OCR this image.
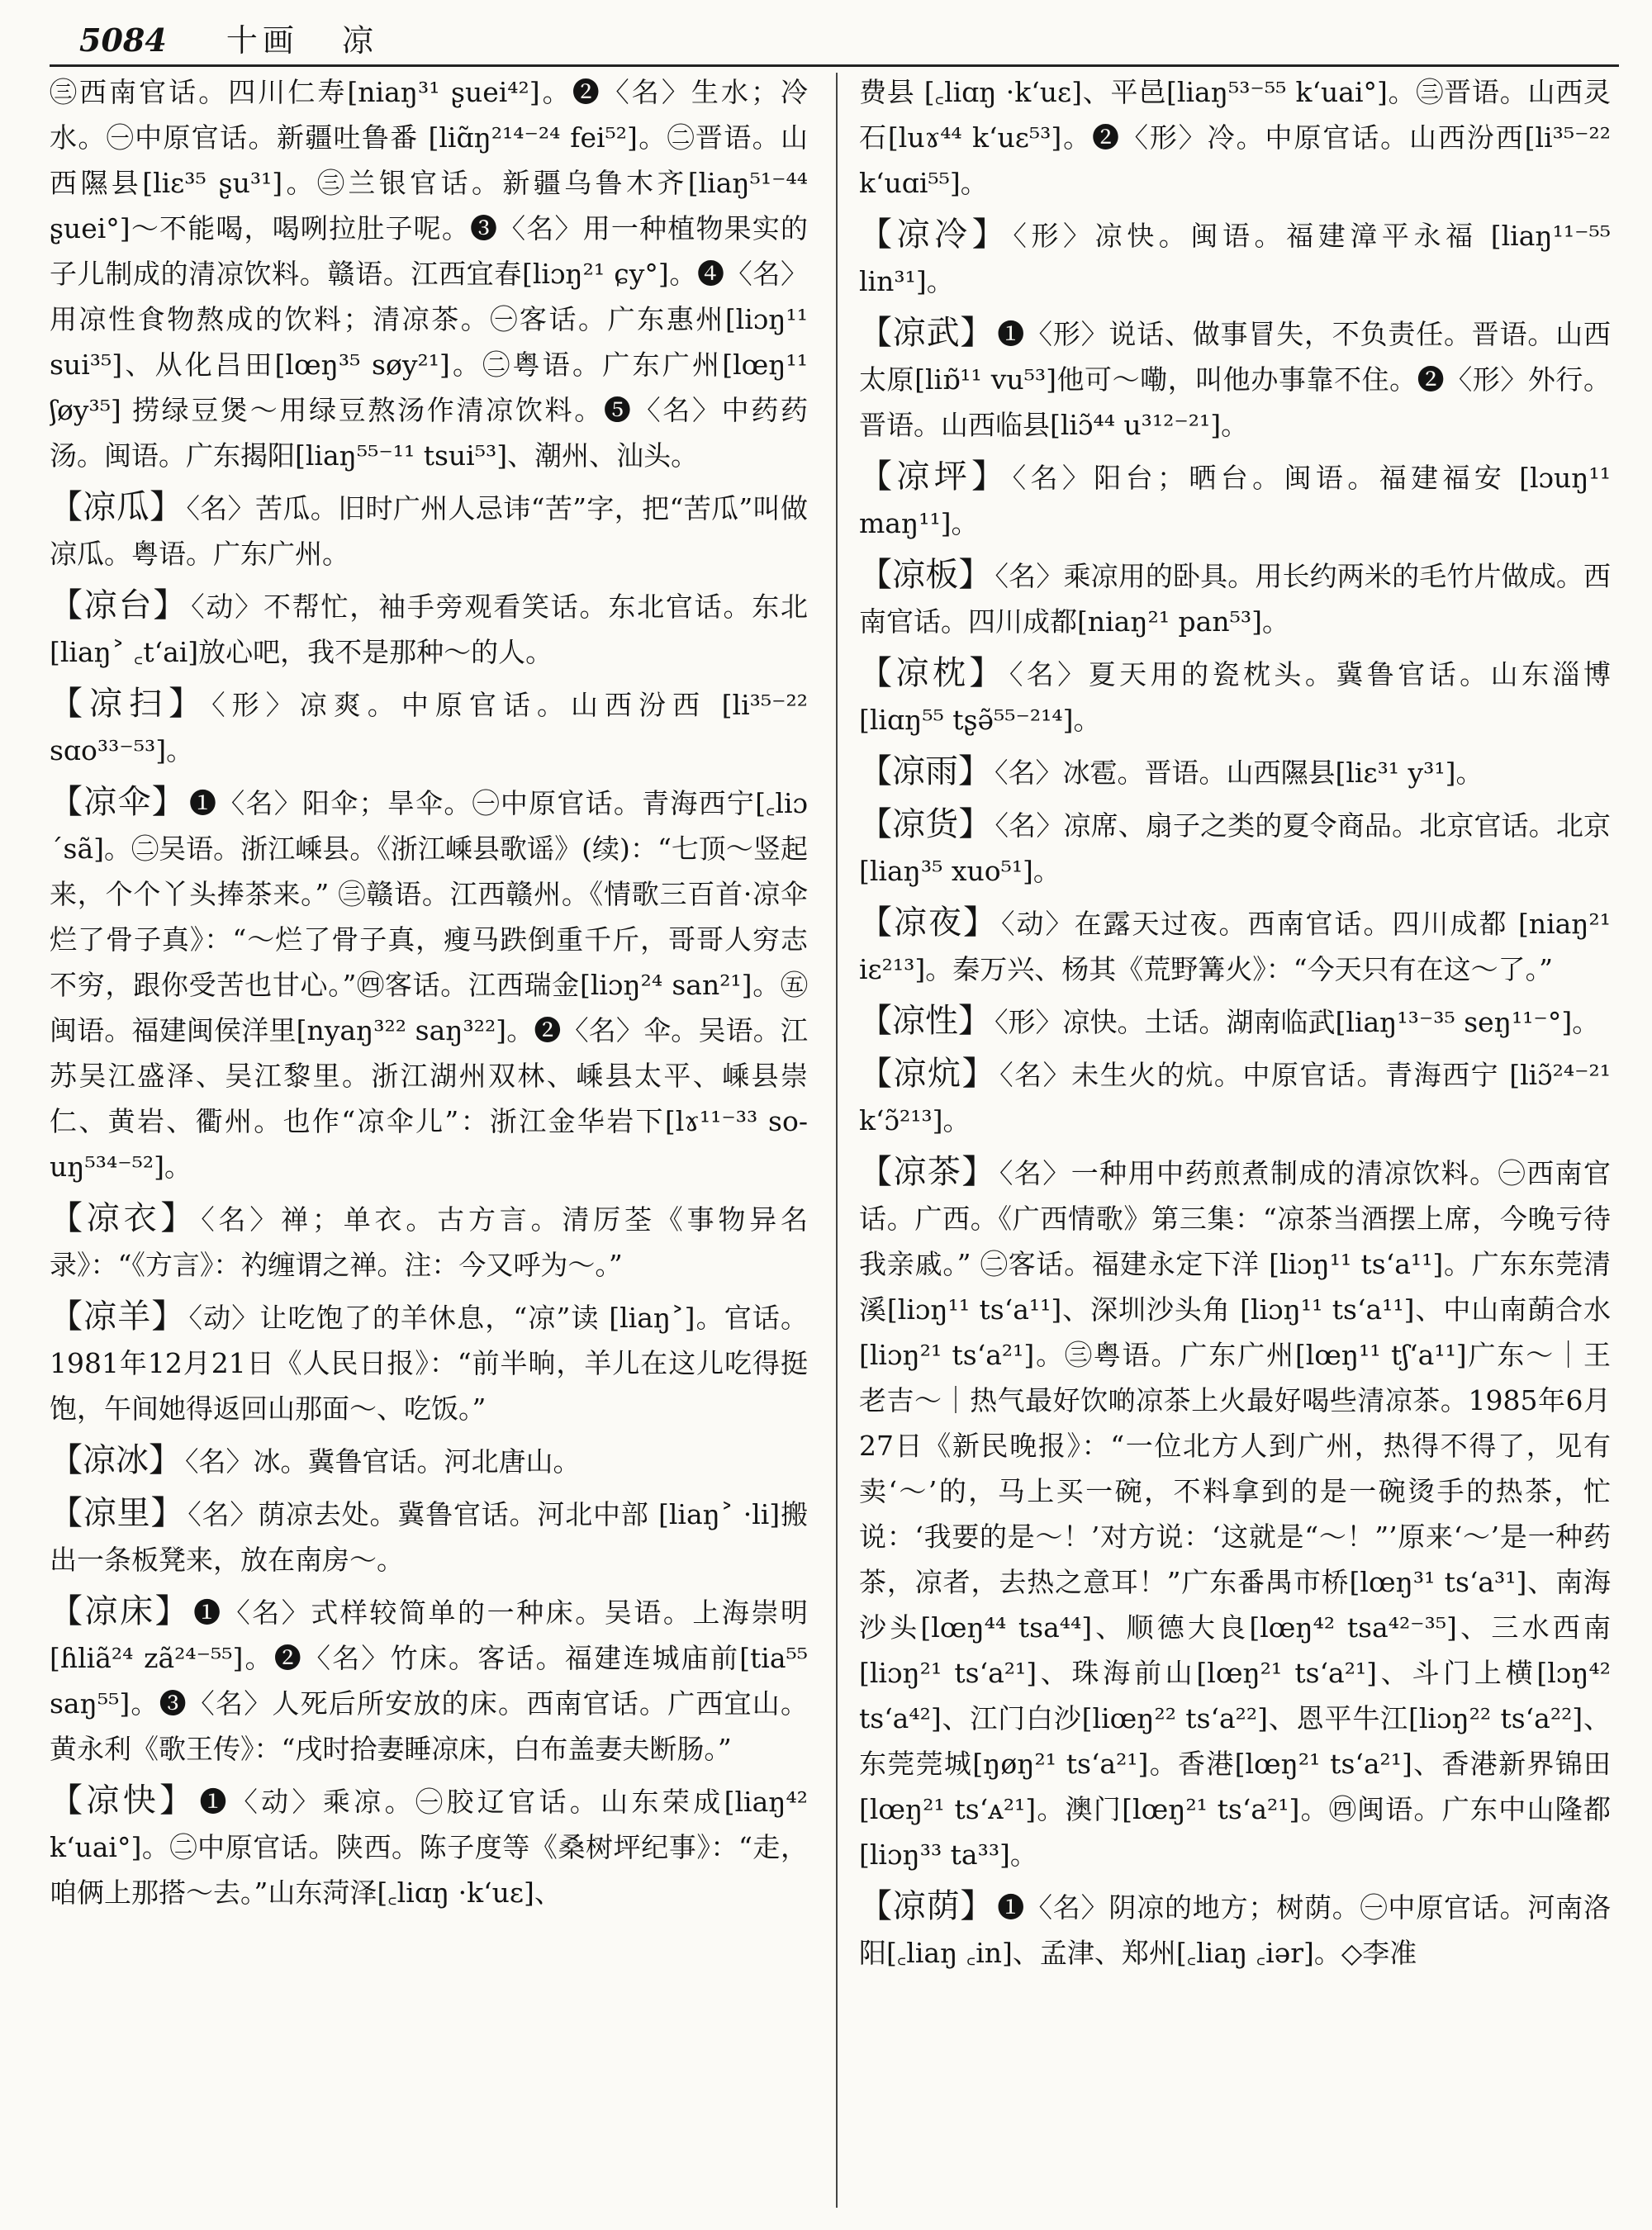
5084 十画 凉

㊂西南官话。四川仁寿[niaŋ³¹ ʂuei⁴²]。❷〈名〉生水；冷水。㊀中原官话。新疆吐鲁番 [liɑ̃ŋ²¹⁴⁻²⁴ fei⁵²]。㊁晋语。山西隰县[liɛ³⁵ ʂu³¹]。㊂兰银官话。新疆乌鲁木齐[liaŋ⁵¹⁻⁴⁴ ʂuei°]～不能喝，喝咧拉肚子呢。❸〈名〉用一种植物果实的子儿制成的清凉饮料。赣语。江西宜春[liɔŋ²¹ ɕy°]。❹〈名〉用凉性食物熬成的饮料；清凉茶。㊀客话。广东惠州[liɔŋ¹¹ sui³⁵]、从化吕田[lœŋ³⁵ søy²¹]。㊁粤语。广东广州[lœŋ¹¹ ʃøy³⁵] 捞绿豆煲～用绿豆熬汤作清凉饮料。❺〈名〉中药药汤。闽语。广东揭阳[liaŋ⁵⁵⁻¹¹ tsui⁵³]、潮州、汕头。

【凉瓜】 〈名〉苦瓜。旧时广州人忌讳“苦”字，把“苦瓜”叫做凉瓜。粤语。广东广州。

【凉台】 〈动〉不帮忙，袖手旁观看笑话。东北官话。东北 [liaŋ˃ ꜀tʻai]放心吧，我不是那种～的人。

【凉扫】 〈形〉凉爽。中原官话。山西汾西 [li³⁵⁻²² sɑo³³⁻⁵³]。

【凉伞】 ❶〈名〉阳伞；旱伞。㊀中原官话。青海西宁[꜀liɔ ˊsã]。㊁吴语。浙江嵊县。《浙江嵊县歌谣》(续)：“七顶～竖起来，个个丫头捧茶来。” ㊂赣语。江西赣州。《情歌三百首·凉伞烂了骨子真》：“～烂了骨子真，瘦马跌倒重千斤，哥哥人穷志不穷，跟你受苦也甘心。”㊃客话。江西瑞金[liɔŋ²⁴ san²¹]。㊄闽语。福建闽侯洋里[nyaŋ³²² saŋ³²²]。❷〈名〉伞。吴语。江苏吴江盛泽、吴江黎里。浙江湖州双林、嵊县太平、嵊县崇仁、黄岩、衢州。也作“凉伞儿”：浙江金华岩下[lɤ¹¹⁻³³ so-uŋ⁵³⁴⁻⁵²]。

【凉衣】 〈名〉禅；单衣。古方言。清厉荃《事物异名录》：“《方言》：礿缠谓之禅。注：今又呼为～。”

【凉羊】 〈动〉让吃饱了的羊休息，“凉”读 [liaŋ˃]。官话。1981年12月21日《人民日报》：“前半晌，羊儿在这儿吃得挺饱，午间她得返回山那面～、吃饭。”

【凉冰】 〈名〉冰。冀鲁官话。河北唐山。

【凉里】 〈名〉荫凉去处。冀鲁官话。河北中部 [liaŋ˃ ·li]搬出一条板凳来，放在南房～。

【凉床】 ❶〈名〉式样较简单的一种床。吴语。上海崇明[ɦliã²⁴ zã²⁴⁻⁵⁵]。❷〈名〉竹床。客话。福建连城庙前[tia⁵⁵ saŋ⁵⁵]。❸〈名〉人死后所安放的床。西南官话。广西宜山。黄永利《歌王传》：“戌时拾妻睡凉床，白布盖妻夫断肠。”

【凉快】 ❶〈动〉乘凉。㊀胶辽官话。山东荣成[liaŋ⁴² kʻuai°]。㊁中原官话。陕西。陈子度等《桑树坪纪事》：“走，咱俩上那搭～去。”山东菏泽[꜀liɑŋ ·kʻuɛ]、

费县 [꜀liɑŋ ·kʻuɛ]、平邑[liaŋ⁵³⁻⁵⁵ kʻuai°]。㊂晋语。山西灵石[luɤ⁴⁴ kʻuɛ⁵³]。❷〈形〉冷。中原官话。山西汾西[li³⁵⁻²² kʻuɑi⁵⁵]。

【凉冷】 〈形〉凉快。闽语。福建漳平永福 [liaŋ¹¹⁻⁵⁵ lin³¹]。

【凉武】 ❶〈形〉说话、做事冒失，不负责任。晋语。山西太原[liɒ̃¹¹ vu⁵³]他可～嘞，叫他办事靠不住。❷〈形〉外行。晋语。山西临县[liɔ̃⁴⁴ u³¹²⁻²¹]。

【凉坪】 〈名〉阳台；晒台。闽语。福建福安 [lɔuŋ¹¹ maŋ¹¹]。

【凉板】 〈名〉乘凉用的卧具。用长约两米的毛竹片做成。西南官话。四川成都[niaŋ²¹ pan⁵³]。

【凉枕】 〈名〉夏天用的瓷枕头。冀鲁官话。山东淄博 [liɑŋ⁵⁵ tʂə̃⁵⁵⁻²¹⁴]。

【凉雨】 〈名〉冰雹。晋语。山西隰县[liɛ³¹ y³¹]。

【凉货】 〈名〉凉席、扇子之类的夏令商品。北京官话。北京[liaŋ³⁵ xuo⁵¹]。

【凉夜】 〈动〉在露天过夜。西南官话。四川成都 [niaŋ²¹ iɛ²¹³]。秦万兴、杨其《荒野篝火》：“今天只有在这～了。”

【凉性】 〈形〉凉快。土话。湖南临武[liaŋ¹³⁻³⁵ seŋ¹¹⁻°]。

【凉炕】 〈名〉未生火的炕。中原官话。青海西宁 [liɔ̃²⁴⁻²¹ kʻɔ̃²¹³]。

【凉茶】 〈名〉一种用中药煎煮制成的清凉饮料。㊀西南官话。广西。《广西情歌》第三集：“凉茶当酒摆上席，今晚亏待我亲戚。” ㊁客话。福建永定下洋 [liɔŋ¹¹ tsʻa¹¹]。广东东莞清溪[liɔŋ¹¹ tsʻa¹¹]、深圳沙头角 [liɔŋ¹¹ tsʻa¹¹]、中山南蓢合水[liɔŋ²¹ tsʻa²¹]。㊂粤语。广东广州[lœŋ¹¹ tʃʻa¹¹]广东～｜王老吉～｜热气最好饮啲凉茶上火最好喝些清凉茶。1985年6月27日《新民晚报》：“一位北方人到广州，热得不得了，见有卖‘～’的，马上买一碗，不料拿到的是一碗烫手的热茶，忙说：‘我要的是～！’对方说：‘这就是“～！”’原来‘～’是一种药茶，凉者，去热之意耳！”广东番禺市桥[lœŋ³¹ tsʻa³¹]、南海沙头[lœŋ⁴⁴ tsa⁴⁴]、顺德大良[lœŋ⁴² tsa⁴²⁻³⁵]、三水西南[liɔŋ²¹ tsʻa²¹]、珠海前山[lœŋ²¹ tsʻa²¹]、斗门上横[lɔŋ⁴² tsʻa⁴²]、江门白沙[liœŋ²² tsʻa²²]、恩平牛江[liɔŋ²² tsʻa²²]、东莞莞城[ŋøŋ²¹ tsʻa²¹]。香港[lœŋ²¹ tsʻa²¹]、香港新界锦田[lœŋ²¹ tsʻᴀ²¹]。澳门[lœŋ²¹ tsʻa²¹]。㊃闽语。广东中山隆都[liɔŋ³³ ta³³]。

【凉荫】 ❶〈名〉阴凉的地方；树荫。㊀中原官话。河南洛阳[꜀liaŋ ꜀in]、孟津、郑州[꜀liaŋ ꜀iər]。◇李准
